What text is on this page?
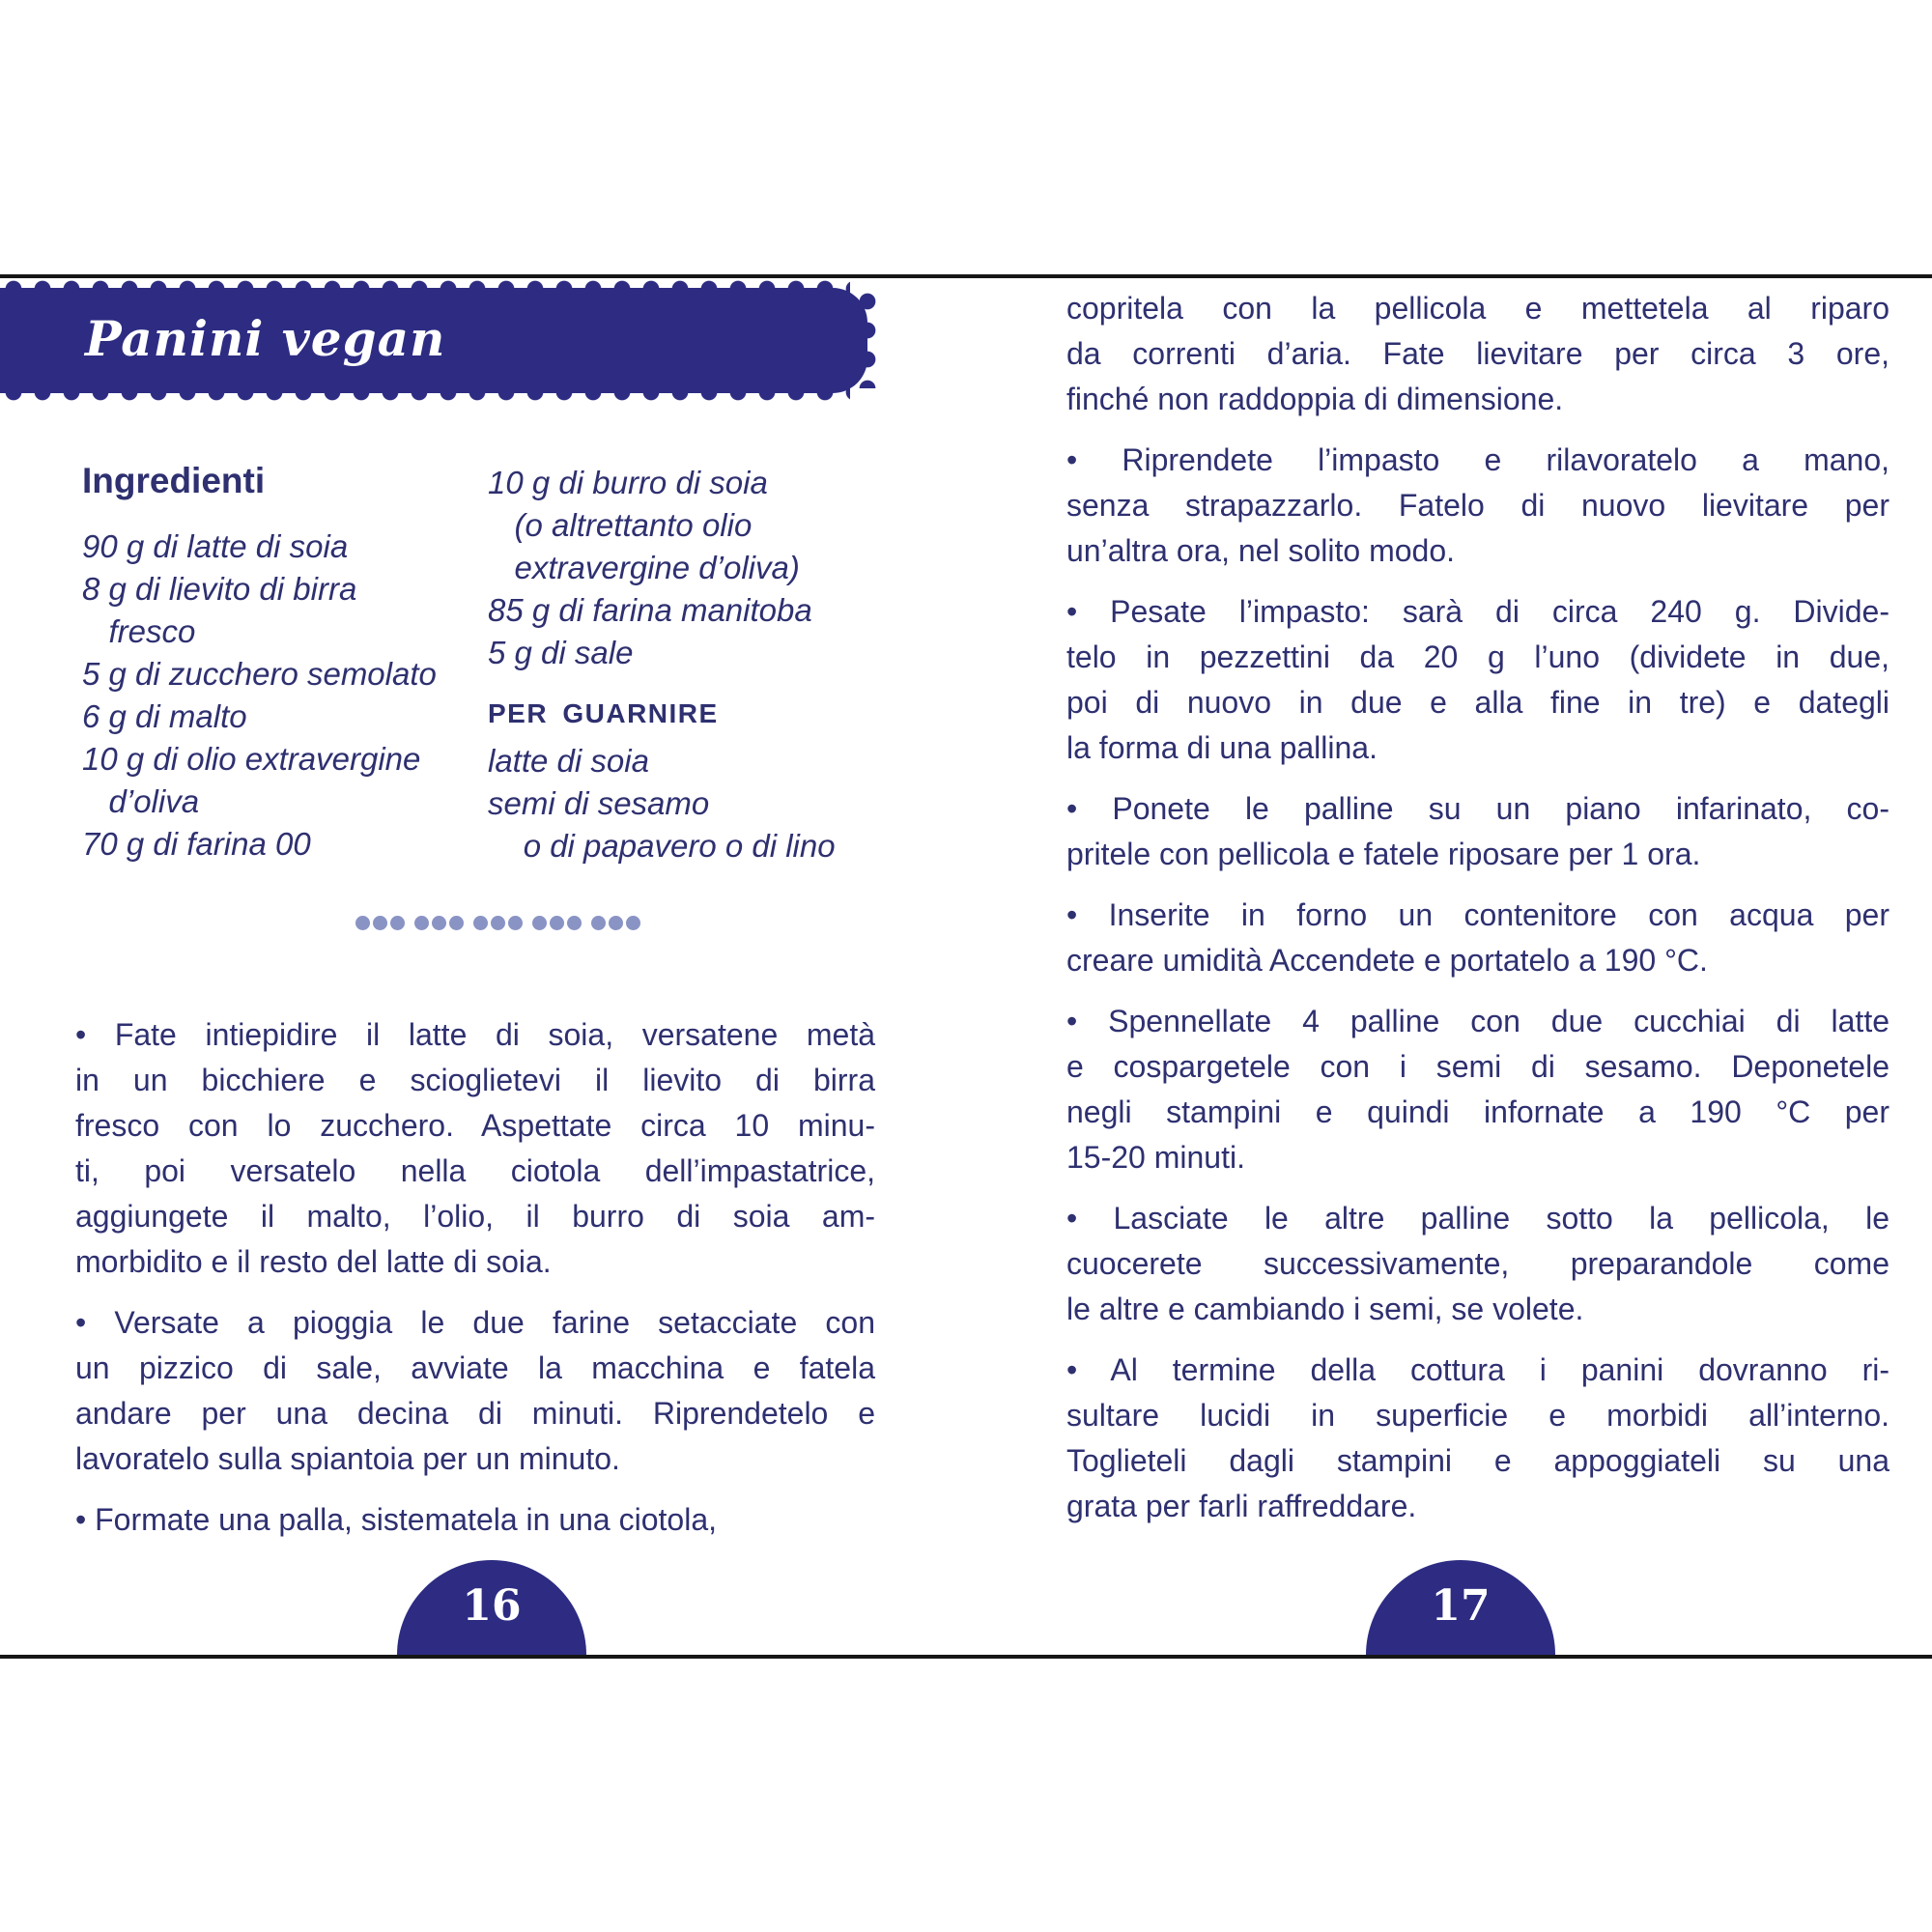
Panini vegan
Ingredienti
90 g di latte di soia
8 g di lievito di birra
fresco
5 g di zucchero semolato
6 g di malto
10 g di olio extravergine
d’oliva
70 g di farina 00
10 g di burro di soia
(o altrettanto olio
extravergine d’oliva)
85 g di farina manitoba
5 g di sale
PER GUARNIRE
latte di soia
semi di sesamo
o di papavero o di lino
• Fate intiepidire il latte di soia, versatene metà
in un bicchiere e scioglietevi il lievito di birra
fresco con lo zucchero. Aspettate circa 10 minu-
ti, poi versatelo nella ciotola dell’impastatrice,
aggiungete il malto, l’olio, il burro di soia am-
morbidito e il resto del latte di soia.
• Versate a pioggia le due farine setacciate con
un pizzico di sale, avviate la macchina e fatela
andare per una decina di minuti. Riprendetelo e
lavoratelo sulla spiantoia per un minuto.
• Formate una palla, sistematela in una ciotola,
16
copritela con la pellicola e mettetela al riparo
da correnti d’aria. Fate lievitare per circa 3 ore,
finché non raddoppia di dimensione.
• Riprendete l’impasto e rilavoratelo a mano,
senza strapazzarlo. Fatelo di nuovo lievitare per
un’altra ora, nel solito modo.
• Pesate l’impasto: sarà di circa 240 g. Divide-
telo in pezzettini da 20 g l’uno (dividete in due,
poi di nuovo in due e alla fine in tre) e dategli
la forma di una pallina.
• Ponete le palline su un piano infarinato, co-
pritele con pellicola e fatele riposare per 1 ora.
• Inserite in forno un contenitore con acqua per
creare umidità Accendete e portatelo a 190 °C.
• Spennellate 4 palline con due cucchiai di latte
e cospargetele con i semi di sesamo. Deponetele
negli stampini e quindi infornate a 190 °C per
15-20 minuti.
• Lasciate le altre palline sotto la pellicola, le
cuocerete successivamente, preparandole come
le altre e cambiando i semi, se volete.
• Al termine della cottura i panini dovranno ri-
sultare lucidi in superficie e morbidi all’interno.
Toglieteli dagli stampini e appoggiateli su una
grata per farli raffreddare.
17
